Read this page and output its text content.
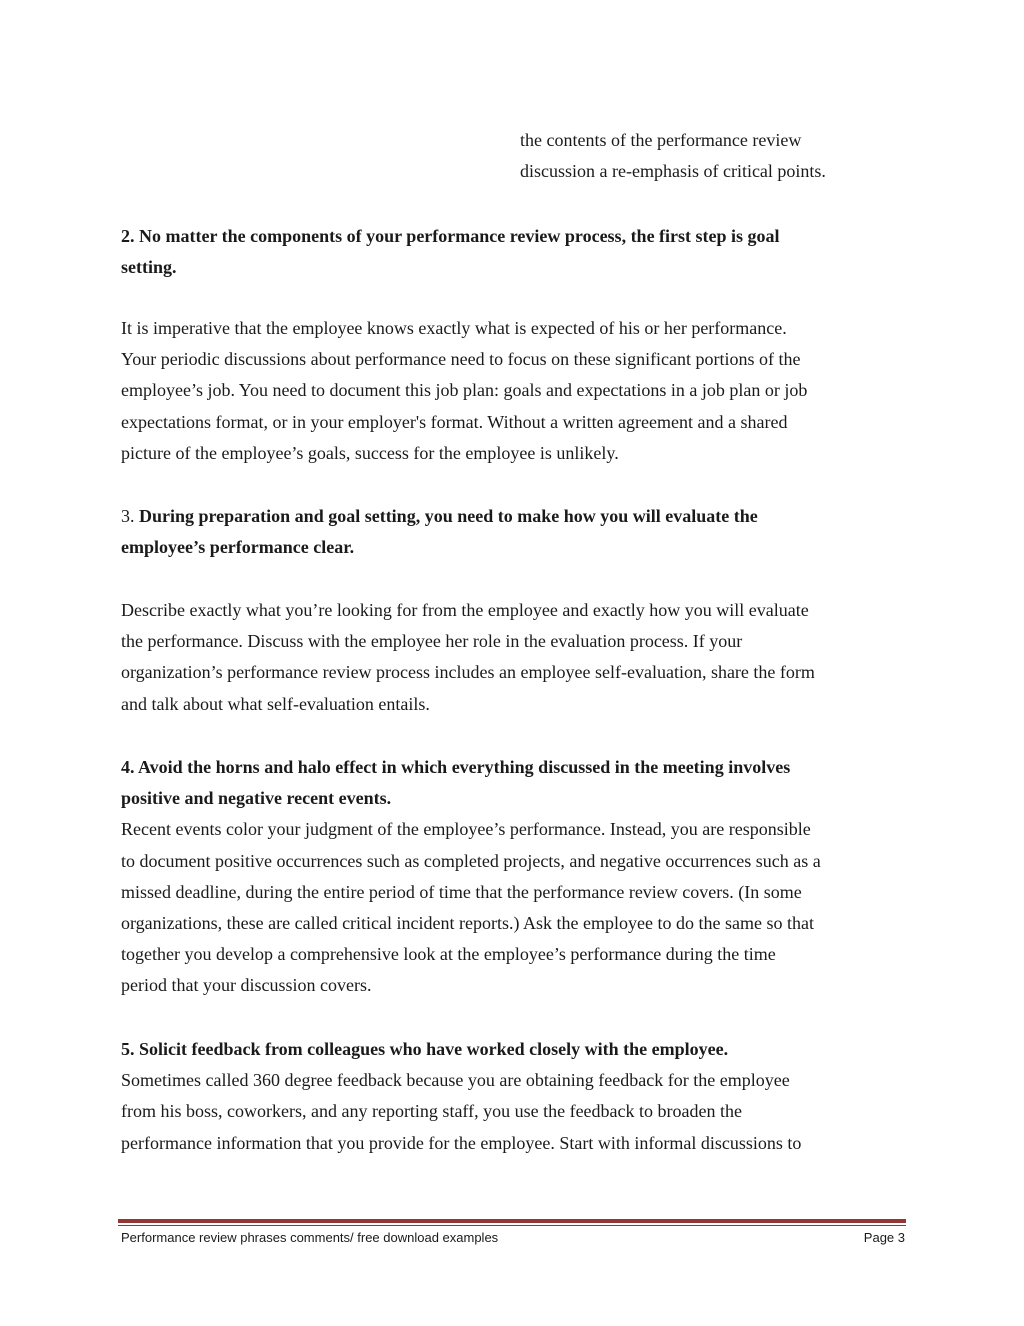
the contents of the performance review
discussion a re-emphasis of critical points.
2. No matter the components of your performance review process, the first step is goal
setting.
It is imperative that the employee knows exactly what is expected of his or her performance.
Your periodic discussions about performance need to focus on these significant portions of the
employee’s job. You need to document this job plan: goals and expectations in a job plan or job
expectations format, or in your employer's format. Without a written agreement and a shared
picture of the employee’s goals, success for the employee is unlikely.
3. During preparation and goal setting, you need to make how you will evaluate the
employee’s performance clear.
Describe exactly what you’re looking for from the employee and exactly how you will evaluate
the performance. Discuss with the employee her role in the evaluation process. If your
organization’s performance review process includes an employee self-evaluation, share the form
and talk about what self-evaluation entails.
4. Avoid the horns and halo effect in which everything discussed in the meeting involves
positive and negative recent events.
Recent events color your judgment of the employee’s performance. Instead, you are responsible
to document positive occurrences such as completed projects, and negative occurrences such as a
missed deadline, during the entire period of time that the performance review covers. (In some
organizations, these are called critical incident reports.) Ask the employee to do the same so that
together you develop a comprehensive look at the employee’s performance during the time
period that your discussion covers.
5. Solicit feedback from colleagues who have worked closely with the employee.
Sometimes called 360 degree feedback because you are obtaining feedback for the employee
from his boss, coworkers, and any reporting staff, you use the feedback to broaden the
performance information that you provide for the employee. Start with informal discussions to
Performance review phrases comments/ free download examples	Page 3
